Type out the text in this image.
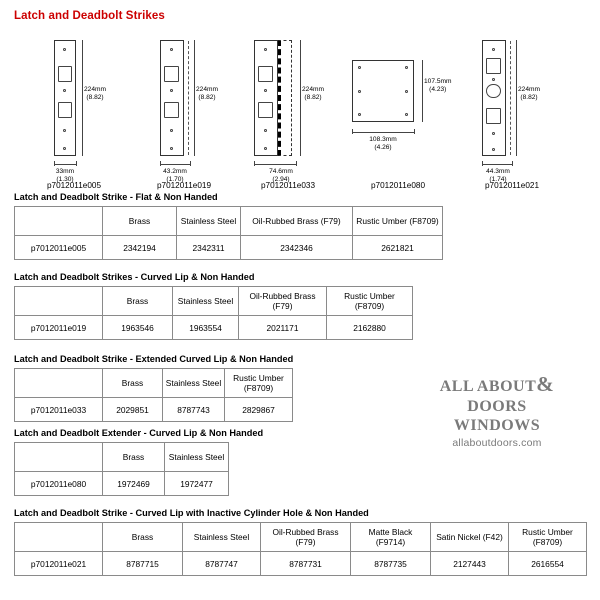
Latch and Deadbolt Strikes
224mm
(8.82)
33mm
(1.30)
p7012011e005
224mm
(8.82)
43.2mm
(1.70)
p7012011e019
224mm
(8.82)
74.6mm
(2.94)
p7012011e033
107.5mm
(4.23)
108.3mm
(4.26)
p7012011e080
224mm
(8.82)
44.3mm
(1.74)
p7012011e021
Latch and Deadbolt Strike - Flat & Non Handed
	Brass	Stainless Steel	Oil-Rubbed Brass (F79)	Rustic Umber (F8709)
p7012011e005	2342194	2342311	2342346	2621821
Latch and Deadbolt Strikes - Curved Lip & Non Handed
	Brass	Stainless Steel	Oil-Rubbed Brass (F79)	Rustic Umber (F8709)
p7012011e019	1963546	1963554	2021171	2162880
Latch and Deadbolt Strike - Extended Curved Lip & Non Handed
	Brass	Stainless Steel	Rustic Umber (F8709)
p7012011e033	2029851	8787743	2829867
Latch and Deadbolt Extender - Curved Lip & Non Handed
	Brass	Stainless Steel
p7012011e080	1972469	1972477
Latch and Deadbolt Strike - Curved Lip with Inactive Cylinder Hole & Non Handed
	Brass	Stainless Steel	Oil-Rubbed Brass (F79)	Matte Black (F9714)	Satin Nickel (F42)	Rustic Umber (F8709)
p7012011e021	8787715	8787747	8787731	8787735	2127443	2616554
ALL ABOUT&
DOORS
WINDOWS
allaboutdoors.com
